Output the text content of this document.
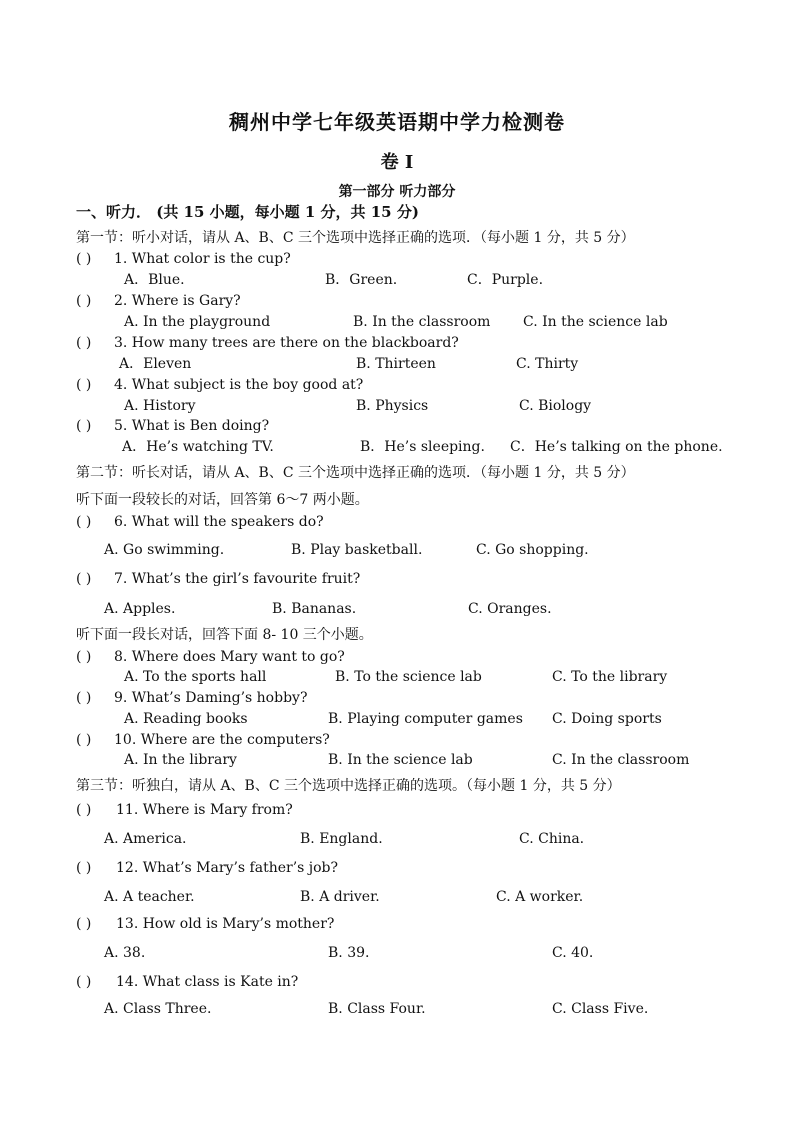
稠州中学七年级英语期中学力检测卷
卷 I
第一部分 听力部分
一、听力． (共 15 小题，每小题 1 分，共 15 分)
第一节：听小对话，请从 A、B、C 三个选项中选择正确的选项．（每小题 1 分，共 5 分）
( ) 1. What color is the cup?
A．Blue.	B．Green.	C．Purple.
( ) 2. Where is Gary?
A. In the playground	B. In the classroom C. In the science lab
( ) 3. How many trees are there on the blackboard?
A．Eleven	B. Thirteen	C. Thirty
( ) 4. What subject is the boy good at?
A. History	B. Physics	C. Biology
( ) 5. What is Ben doing?
A．He’s watching TV.	B．He’s sleeping. C．He’s talking on the phone.
第二节：听长对话，请从 A、B、C 三个选项中选择正确的选项．（每小题 1 分，共 5 分）
听下面一段较长的对话，回答第 6～7 两小题。
( ) 6. What will the speakers do?
A. Go swimming.	B. Play basketball.	C. Go shopping.
( ) 7. What’s the girl’s favourite fruit?
A. Apples.	B. Bananas.	C. Oranges.
听下面一段长对话，回答下面 8- 10 三个小题。
( ) 8. Where does Mary want to go?
A. To the sports hall	B. To the science lab	C. To the library
( ) 9. What’s Daming’s hobby?
A. Reading books	B. Playing computer games C. Doing sports
( ) 10. Where are the computers?
A. In the library	B. In the science lab	C. In the classroom
第三节：听独白，请从 A、B、C 三个选项中选择正确的选项。（每小题 1 分，共 5 分）
( ) 11. Where is Mary from?
A. America.	B. England.	C. China.
( ) 12. What’s Mary’s father’s job?
A. A teacher.	B. A driver.	C. A worker.
( ) 13. How old is Mary’s mother?
A. 38.	B. 39.	C. 40.
( ) 14. What class is Kate in?
A. Class Three.	B. Class Four.	C. Class Five.
